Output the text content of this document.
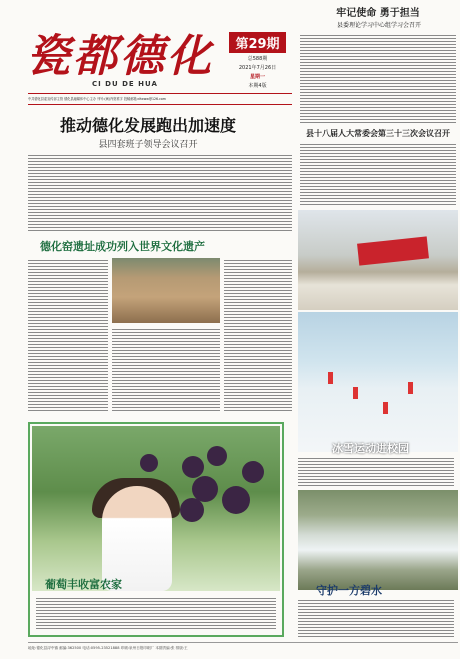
瓷都德化
CI DU DE HUA
第29期
总588期
2021年7月26日
星期一
本期4版
中共德化县委宣传部主管 德化县融媒体中心主办 刊号:(闽)内资准字 投稿邮箱:dhxww@126.com
推动德化发展跑出加速度
县四套班子领导会议召开
德化窑遗址成功列入世界文化遗产
葡萄丰收富农家
牢记使命 勇于担当
县委理论学习中心组学习会召开
县十八届人大常委会第三十三次会议召开
冰雪运动进校园
守护一方碧水
地址:德化县浔中镇 邮编:362500 电话:0595-23521888 印刷:泉州日报印刷厂 本期责编:张 排版:王
